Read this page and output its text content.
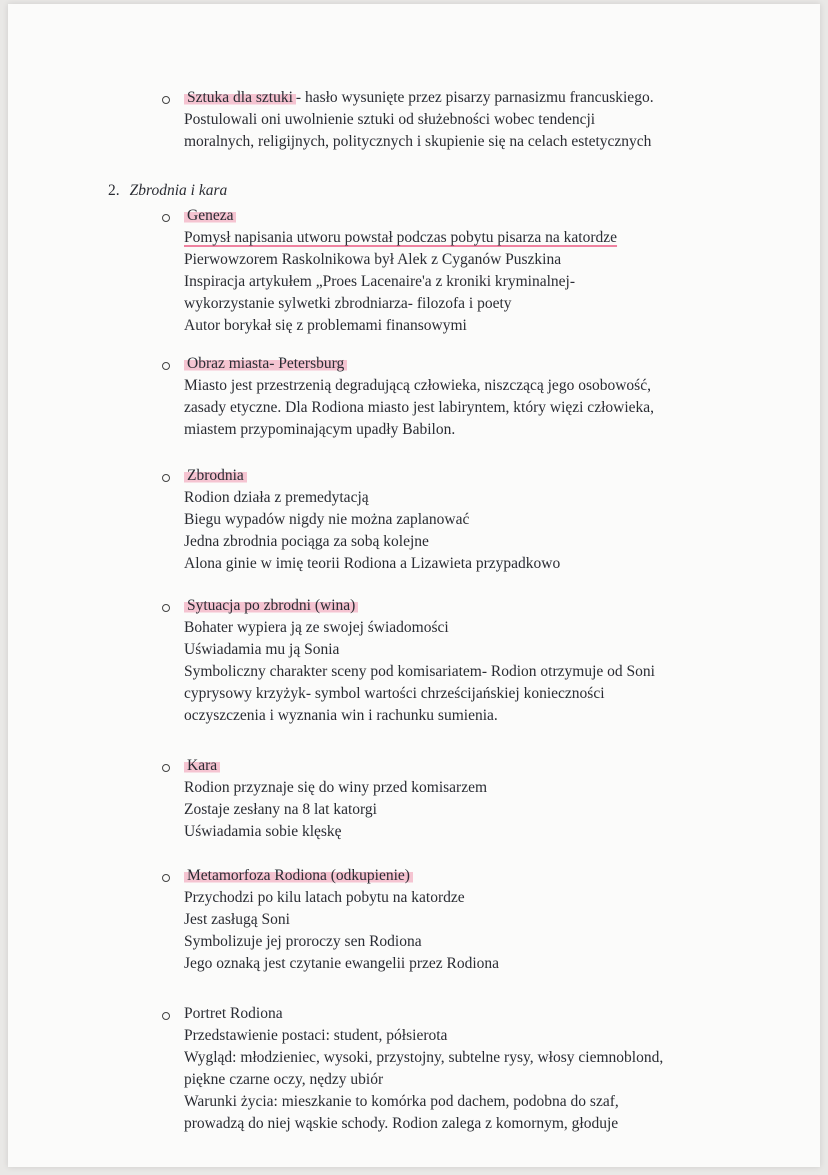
Sztuka dla sztuki - hasło wysunięte przez pisarzy parnasizmu francuskiego.
Postulowali oni uwolnienie sztuki od służebności wobec tendencji
moralnych, religijnych, politycznych i skupienie się na celach estetycznych
2. Zbrodnia i kara
Geneza
Pomysł napisania utworu powstał podczas pobytu pisarza na katordze
Pierwowzorem Raskolnikowa był Alek z Cyganów Puszkina
Inspiracja artykułem „Proes Lacenaire'a z kroniki kryminalnej-
wykorzystanie sylwetki zbrodniarza- filozofa i poety
Autor borykał się z problemami finansowymi
Obraz miasta- Petersburg
Miasto jest przestrzenią degradującą człowieka, niszczącą jego osobowość,
zasady etyczne. Dla Rodiona miasto jest labiryntem, który więzi człowieka,
miastem przypominającym upadły Babilon.
Zbrodnia
Rodion działa z premedytacją
Biegu wypadów nigdy nie można zaplanować
Jedna zbrodnia pociąga za sobą kolejne
Alona ginie w imię teorii Rodiona a Lizawieta przypadkowo
Sytuacja po zbrodni (wina)
Bohater wypiera ją ze swojej świadomości
Uświadamia mu ją Sonia
Symboliczny charakter sceny pod komisariatem- Rodion otrzymuje od Soni
cyprysowy krzyżyk- symbol wartości chrześcijańskiej konieczności
oczyszczenia i wyznania win i rachunku sumienia.
Kara
Rodion przyznaje się do winy przed komisarzem
Zostaje zesłany na 8 lat katorgi
Uświadamia sobie klęskę
Metamorfoza Rodiona (odkupienie)
Przychodzi po kilu latach pobytu na katordze
Jest zasługą Soni
Symbolizuje jej proroczy sen Rodiona
Jego oznaką jest czytanie ewangelii przez Rodiona
Portret Rodiona
Przedstawienie postaci: student, półsierota
Wygląd: młodzieniec, wysoki, przystojny, subtelne rysy, włosy ciemnoblond,
piękne czarne oczy, nędzy ubiór
Warunki życia: mieszkanie to komórka pod dachem, podobna do szaf,
prowadzą do niej wąskie schody. Rodion zalega z komornym, głoduje
